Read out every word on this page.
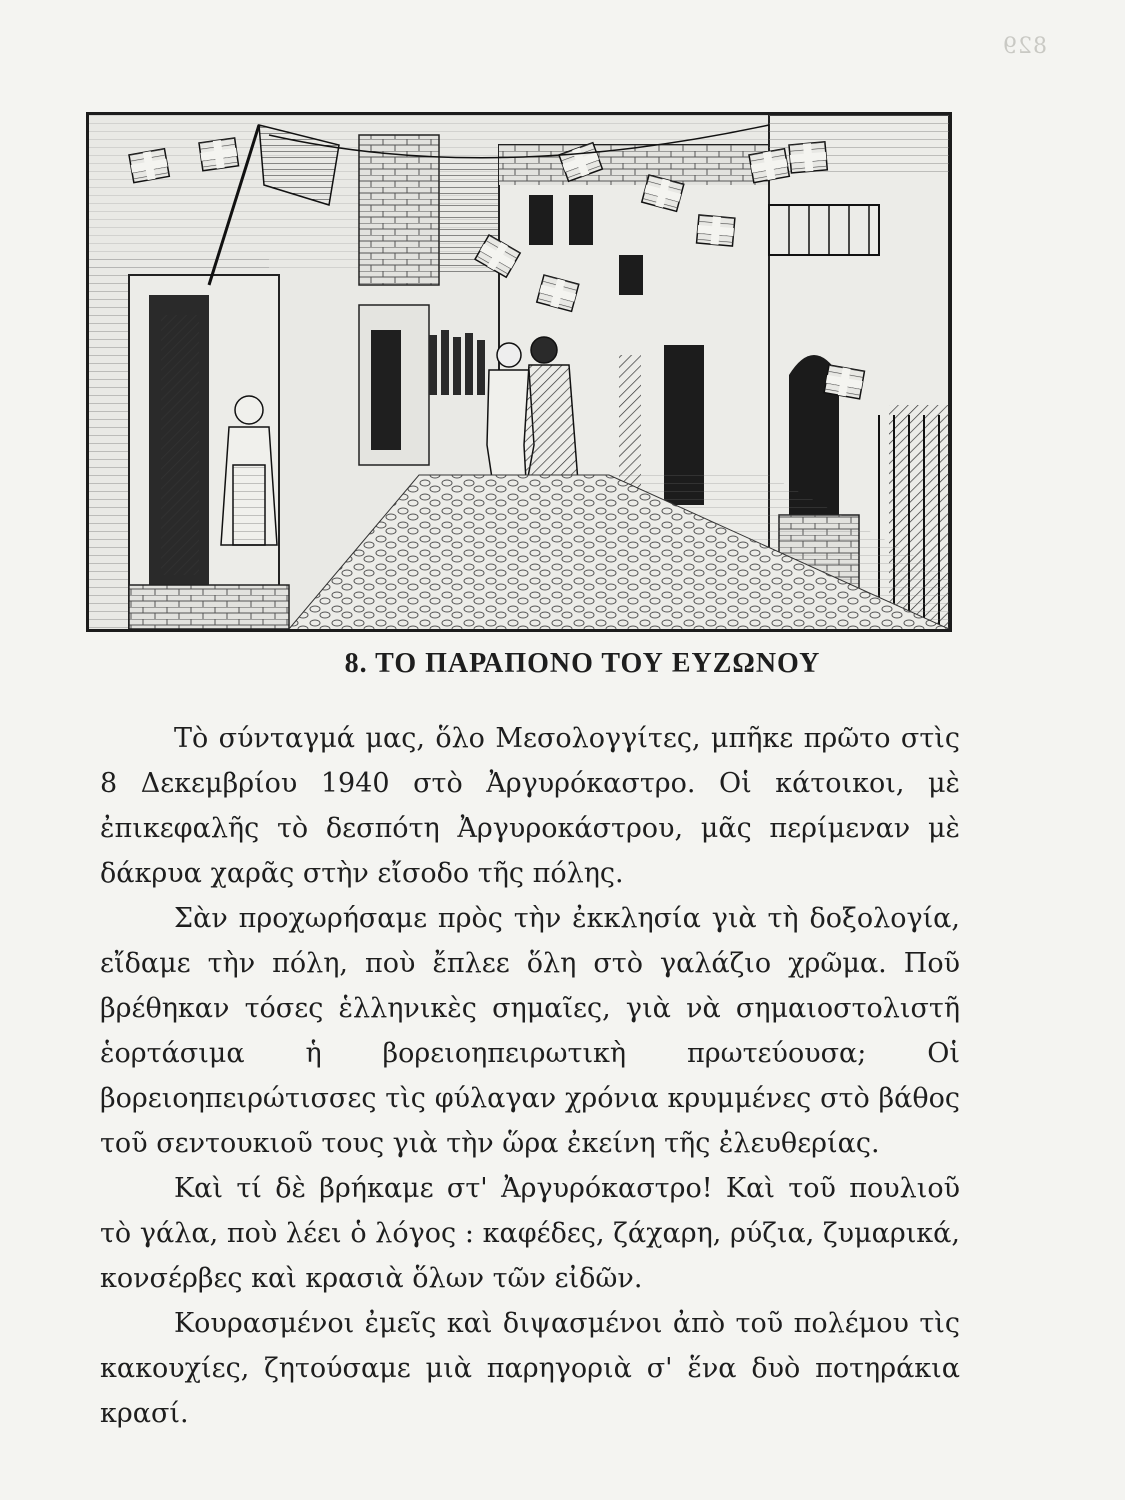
829
8. ΤΟ ΠΑΡΑΠΟΝΟ ΤΟΥ ΕΥΖΩΝΟΥ

Τὸ σύνταγμά μας, ὅλο Μεσολογγίτες, μπῆκε πρῶτο στὶς 8 Δεκεμβρίου 1940 στὸ Ἀργυρόκαστρο. Οἱ κάτοικοι, μὲ ἐπικεφαλῆς τὸ δεσπότη Ἀργυροκάστρου, μᾶς περίμεναν μὲ δάκρυα χαρᾶς στὴν εἴσοδο τῆς πόλης.

Σὰν προχωρήσαμε πρὸς τὴν ἐκκλησία γιὰ τὴ δοξολογία, εἴδαμε τὴν πόλη, ποὺ ἔπλεε ὅλη στὸ γαλάζιο χρῶμα. Ποῦ βρέθηκαν τόσες ἑλληνικὲς σημαῖες, γιὰ νὰ σημαιοστολιστῆ ἑορτάσιμα ἡ βορειοηπειρωτικὴ πρωτεύουσα; Οἱ βορειοηπειρώτισσες τὶς φύλαγαν χρόνια κρυμμένες στὸ βάθος τοῦ σεντουκιοῦ τους γιὰ τὴν ὥρα ἐκείνη τῆς ἐλευθερίας.

Καὶ τί δὲ βρήκαμε στ' Ἀργυρόκαστρο! Καὶ τοῦ πουλιοῦ τὸ γάλα, ποὺ λέει ὁ λόγος : καφέδες, ζάχαρη, ρύζια, ζυμαρικά, κονσέρβες καὶ κρασιὰ ὅλων τῶν εἰδῶν.

Κουρασμένοι ἐμεῖς καὶ διψασμένοι ἀπὸ τοῦ πολέμου τὶς κακουχίες, ζητούσαμε μιὰ παρηγοριὰ σ' ἕνα δυὸ ποτηράκια κρασί.
